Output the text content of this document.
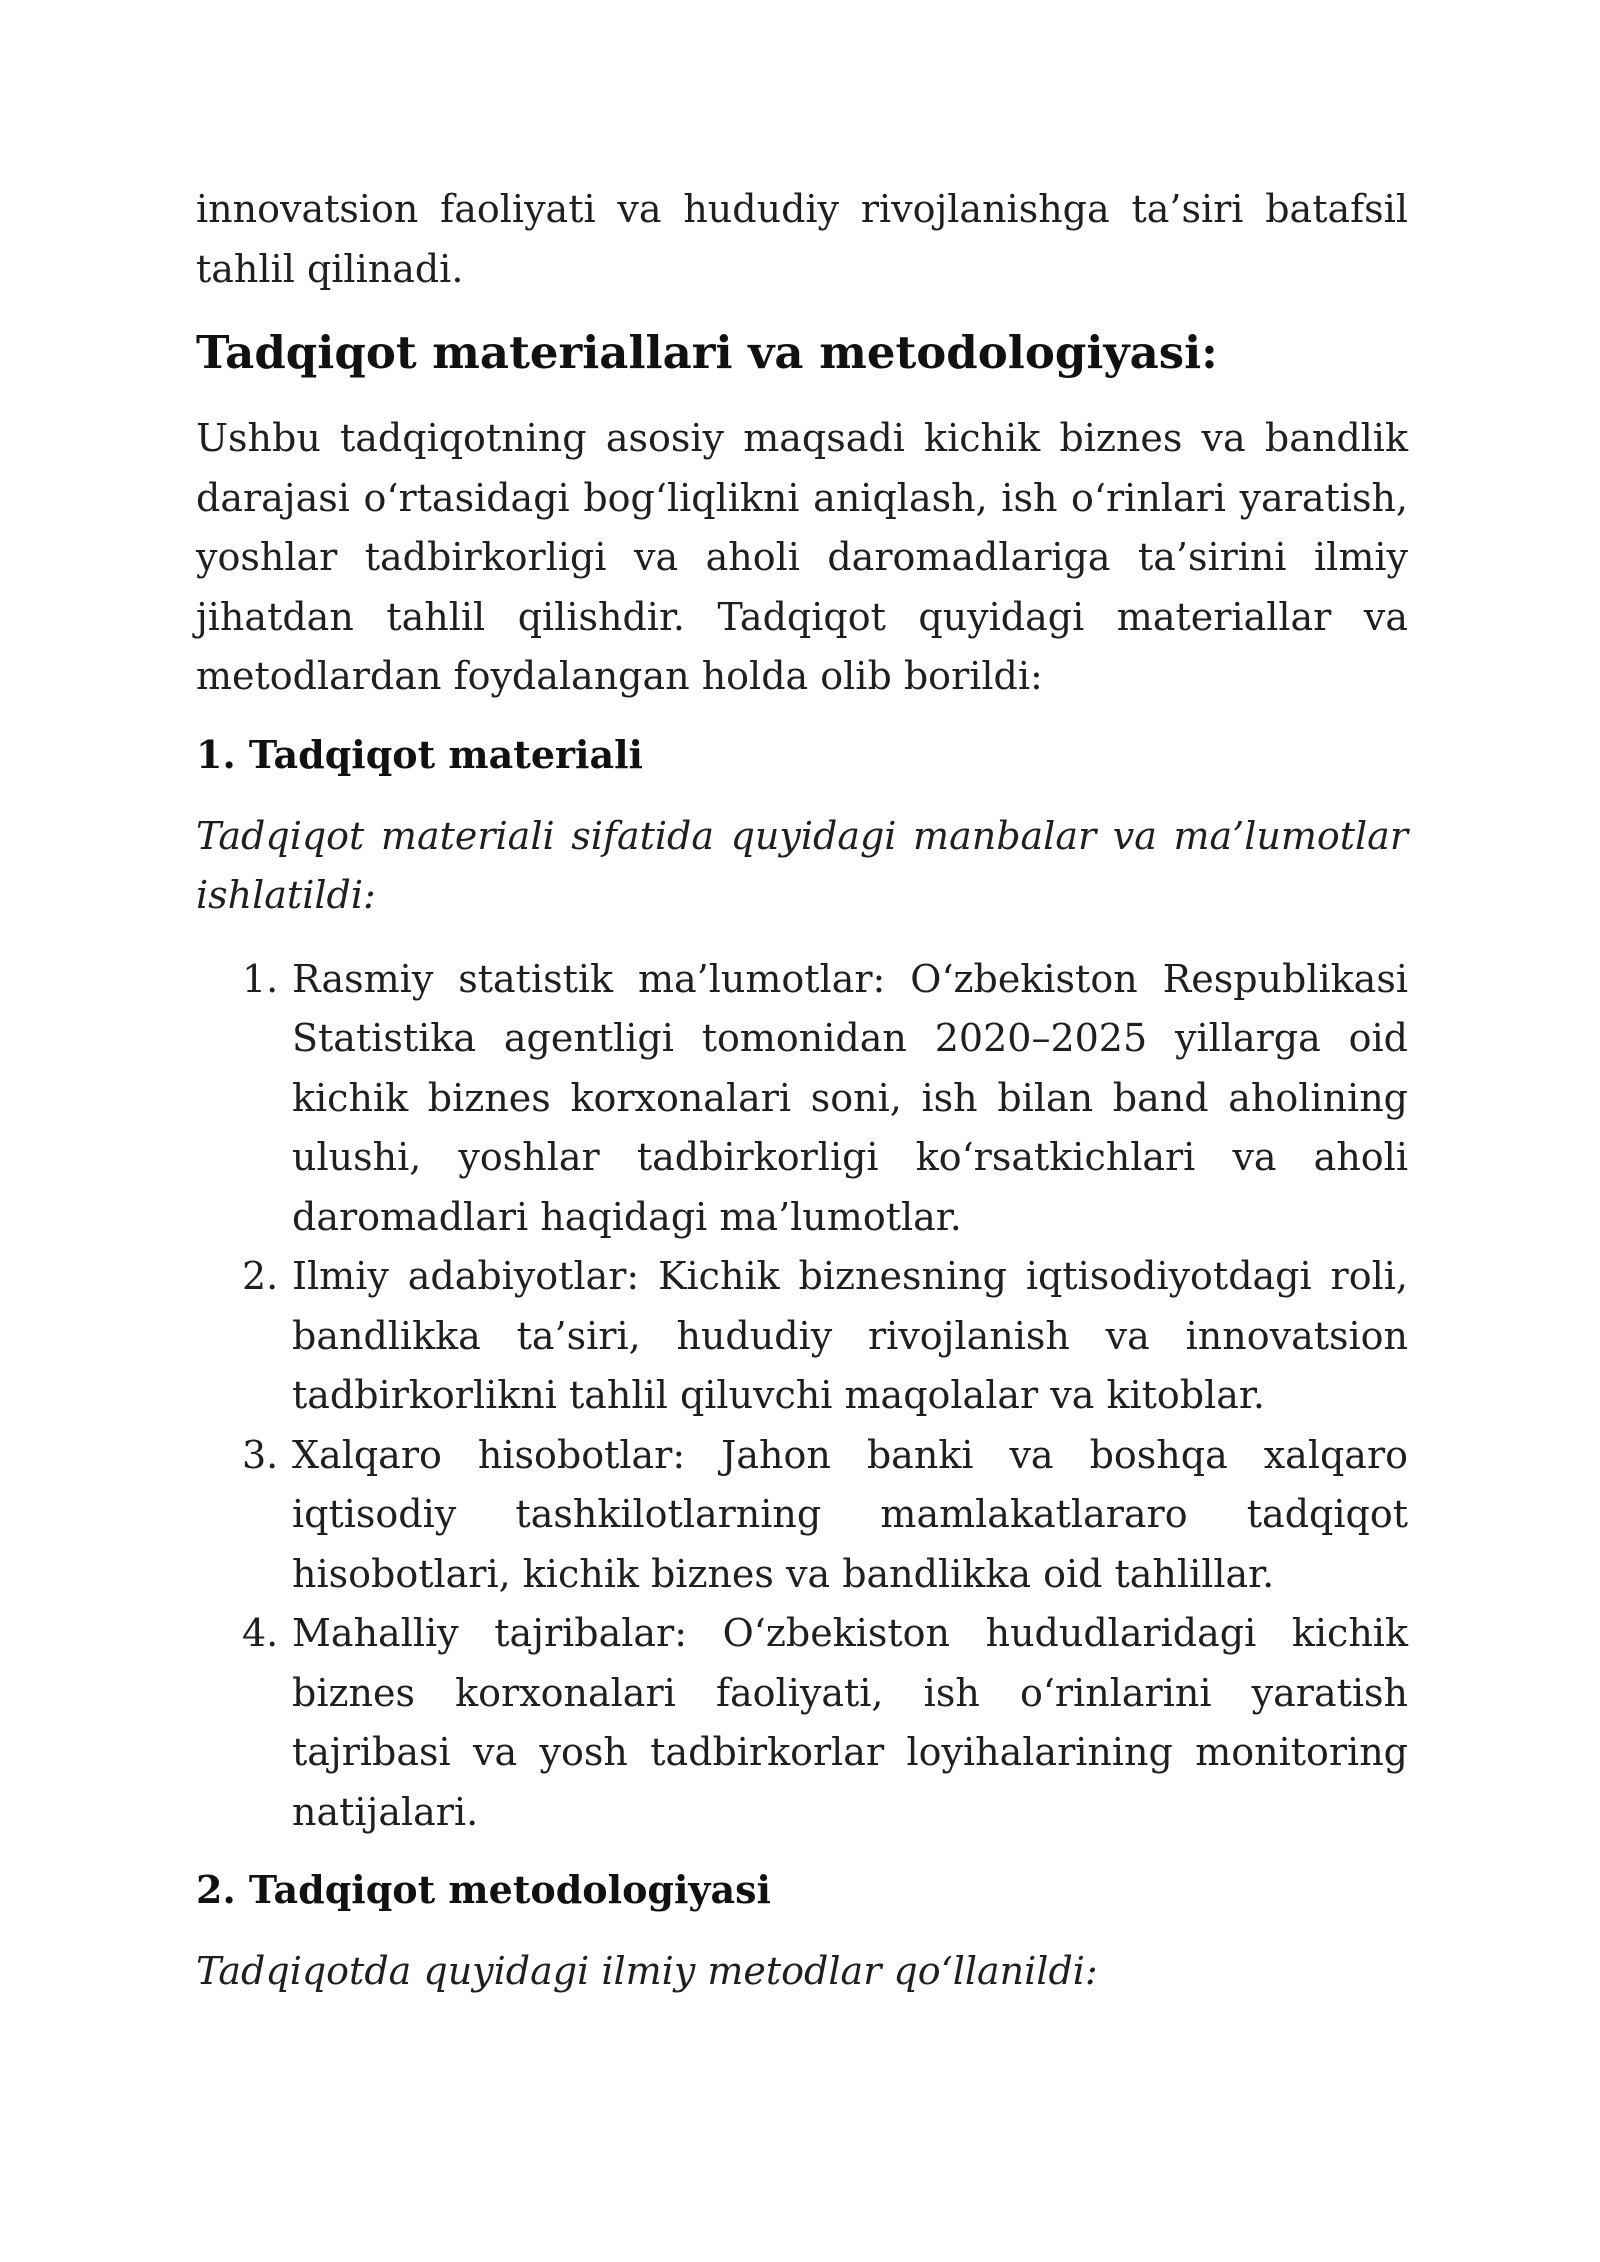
innovatsion faoliyati va hududiy rivojlanishga ta’siri batafsil tahlil qilinadi.

Tadqiqot materiallari va metodologiyasi:

Ushbu tadqiqotning asosiy maqsadi kichik biznes va bandlik darajasi oʻrtasidagi bogʻliqlikni aniqlash, ish oʻrinlari yaratish, yoshlar tadbirkorligi va aholi daromadlariga ta’sirini ilmiy jihatdan tahlil qilishdir. Tadqiqot quyidagi materiallar va metodlardan foydalangan holda olib borildi:

1. Tadqiqot materiali

Tadqiqot materiali sifatida quyidagi manbalar va ma’lumotlar ishlatildi:

1. Rasmiy statistik ma’lumotlar: Oʻzbekiston Respublikasi Statistika agentligi tomonidan 2020–2025 yillarga oid kichik biznes korxonalari soni, ish bilan band aholining ulushi, yoshlar tadbirkorligi koʻrsatkichlari va aholi daromadlari haqidagi ma’lumotlar.
2. Ilmiy adabiyotlar: Kichik biznesning iqtisodiyotdagi roli, bandlikka ta’siri, hududiy rivojlanish va innovatsion tadbirkorlikni tahlil qiluvchi maqolalar va kitoblar.
3. Xalqaro hisobotlar: Jahon banki va boshqa xalqaro iqtisodiy tashkilotlarning mamlakatlararo tadqiqot hisobotlari, kichik biznes va bandlikka oid tahlillar.
4. Mahalliy tajribalar: Oʻzbekiston hududlaridagi kichik biznes korxonalari faoliyati, ish oʻrinlarini yaratish tajribasi va yosh tadbirkorlar loyihalarining monitoring natijalari.
2. Tadqiqot metodologiyasi

Tadqiqotda quyidagi ilmiy metodlar qoʻllanildi:
